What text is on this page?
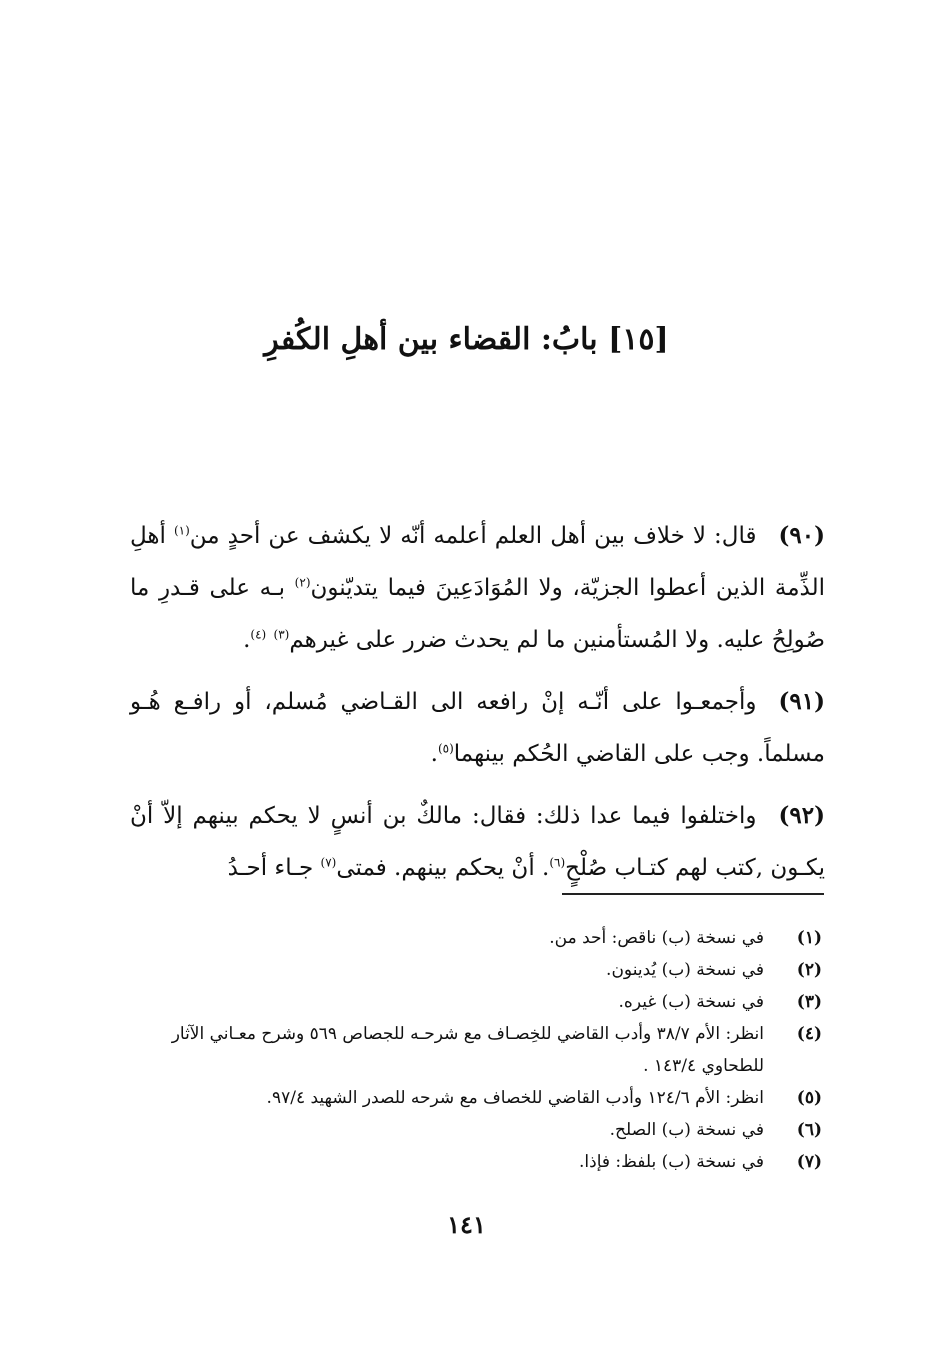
[١٥] بابُ: القضاء بين أهلِ الكُفرِ

(٩٠)قال: لا خلاف بين أهل العلم أعلمه أنّه لا يكشف عن أحدٍ من$^{(١)}$ أهلِ الذِّمة الذين أعطوا الجزيّة، ولا المُوَادَعِينَ فيما يتديّنون$^{(٢)}$ بـه على قـدرِ ما صُولِحُ عليه. ولا المُستأمنين ما لم يحدث ضرر على غيرهم$^{(٣)}$ $^{(٤)}$.

(٩١)وأجمعـوا على أنّـه إنْ رافعه الى القـاضي مُسلم، أو رافـع هُـو مسلماً. وجب على القاضي الحُكم بينهما$^{(٥)}$.

(٩٢)واختلفوا فيما عدا ذلك: فقال: مالكٌ بن أنسٍ لا يحكم بينهم إلاّ أنْ يكـون ,كتب لهم كتـاب صُلْحٍ$^{(٦)}$. أنْ يحكم بينهم. فمتى$^{(٧)}$ جـاء أحـدُ

(١)
في نسخة (ب) ناقص: أحد من.
(٢)
في نسخة (ب) يُدينون.
(٣)
في نسخة (ب) غيره.
(٤)
انظر: الأم ٣٨/٧ وأدب القاضي للخِصـاف مع شرحـه للجصاص ٥٦٩ وشرح معـاني الآثار للطحاوي ١٤٣/٤ .
(٥)
انظر: الأم ١٢٤/٦ وأدب القاضي للخصاف مع شرحه للصدر الشهيد ٩٧/٤.
(٦)
في نسخة (ب) الصلح.
(٧)
في نسخة (ب) بلفظ: فإذا.
١٤١
